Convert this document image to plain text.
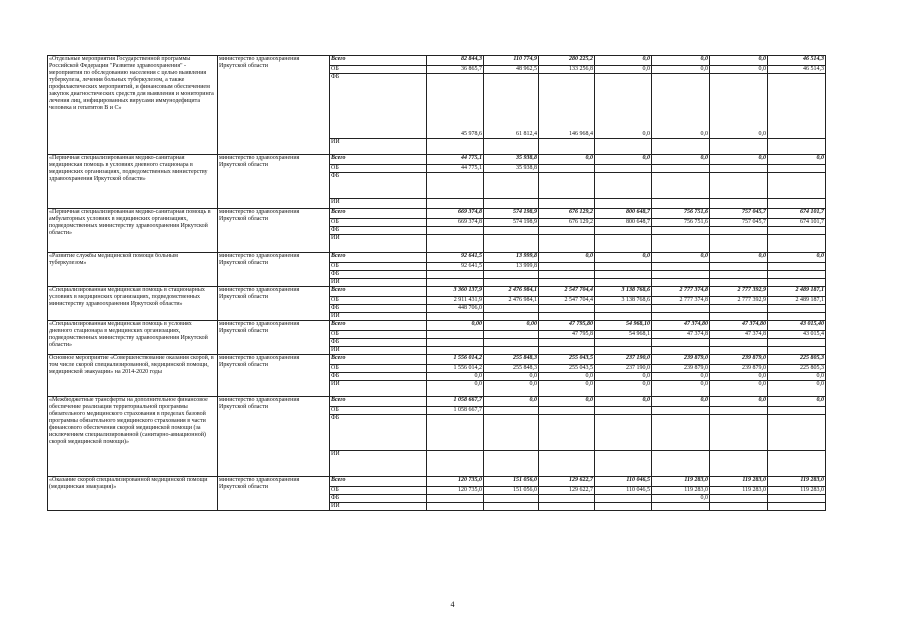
«Отдельные мероприятия Государственной программы Российской Федерации "Развитие здравоохранения" - мероприятия по обследованию населения с целью выявления туберкулеза, лечения больных туберкулезом, а также профилактических мероприятий, и финансовым обеспечением закупок диагностических средств для выявления и мониторинга лечения лиц, инфицированных вирусами иммунодефицита человека и гепатитов В и С»	министерство здравоохранения Иркутской области	Всего	82 844,3	110 774,9	280 225,2	0,0	0,0	0,0	46 514,3
		ОБ	36 865,7	48 962,5	133 256,8	0,0	0,0	0,0	46 514,3
		ФБ	45 978,6	61 812,4	146 968,4	0,0	0,0	0,0	
		ИИ							
«Первичная специализированная медико-санитарная медицинская помощь в условиях дневного стационара в медицинских организациях, подведомственных министерству здравоохранения Иркутской области»	министерство здравоохранения Иркутской области	Всего	44 775,1	35 938,8	0,0	0,0	0,0	0,0	0,0
		ОБ	44 775,1	35 938,8					
		ФБ							
		ИИ							
«Первичная специализированная медико-санитарная помощь в амбулаторных условиях в медицинских организациях, подведомственных министерству здравоохранения Иркутской области»	министерство здравоохранения Иркутской области	Всего	669 374,8	574 198,9	676 129,2	800 648,7	756 751,6	757 045,7	674 101,7
		ОБ	669 374,8	574 198,9	676 129,2	800 648,7	756 751,6	757 045,7	674 101,7
		ФБ							
		ИИ							
«Развитие службы медицинской помощи больным туберкулезом»	министерство здравоохранения Иркутской области	Всего	92 641,5	13 999,8	0,0	0,0	0,0	0,0	0,0
		ОБ	92 641,5	13 999,8					
		ФБ							
		ИИ							
«Специализированная медицинская помощь в стационарных условиях в медицинских организациях, подведомственных министерству здравоохранения Иркутской области»	министерство здравоохранения Иркутской области	Всего	3 360 137,9	2 476 984,1	2 547 704,4	3 138 768,6	2 777 374,8	2 777 392,9	2 489 187,1
		ОБ	2 911 431,9	2 476 984,1	2 547 704,4	3 138 768,6	2 777 374,8	2 777 392,9	2 489 187,1
		ФБ	448 706,0						
		ИИ							
«Специализированная медицинская помощь в условиях дневного стационара в медицинских организациях, подведомственных министерству здравоохранения Иркутской области»	министерство здравоохранения Иркутской области	Всего	0,00	0,00	47 795,80	54 968,10	47 374,80	47 374,80	43 015,40
		ОБ			47 795,8	54 968,1	47 374,8	47 374,8	43 015,4
		ФБ							
		ИИ							
Основное мероприятие «Совершенствование оказания скорой, в том числе скорой специализированной, медицинской помощи, медицинской эвакуации» на 2014-2020 годы	министерство здравоохранения Иркутской области	Всего	1 556 014,2	255 848,3	255 043,5	237 190,0	239 879,0	239 879,0	225 805,3
		ОБ	1 556 014,2	255 848,3	255 043,5	237 190,0	239 879,0	239 879,0	225 805,3
		ФБ	0,0	0,0	0,0	0,0	0,0	0,0	0,0
		ИИ	0,0	0,0	0,0	0,0	0,0	0,0	0,0
«Межбюджетные трансферты на дополнительное финансовое обеспечение реализации территориальной программы обязательного медицинского страхования в пределах базовой программы обязательного медицинского страхования в части финансового обеспечения скорой медицинской помощи (за исключением специализированной (санитарно-авиационной) скорой медицинской помощи)»	министерство здравоохранения Иркутской области	Всего	1 058 667,7	0,0	0,0	0,0	0,0	0,0	0,0
		ОБ	1 058 667,7						
		ФБ							
		ИИ							
«Оказание скорой специализированной медицинской помощи (медицинская эвакуация)»	министерство здравоохранения Иркутской области	Всего	120 735,0	151 056,0	129 622,7	110 046,5	119 283,0	119 283,0	119 283,0
		ОБ	120 735,0	151 056,0	129 622,7	110 046,5	119 283,0	119 283,0	119 283,0
		ФБ					0,0		
		ИИ							
4
